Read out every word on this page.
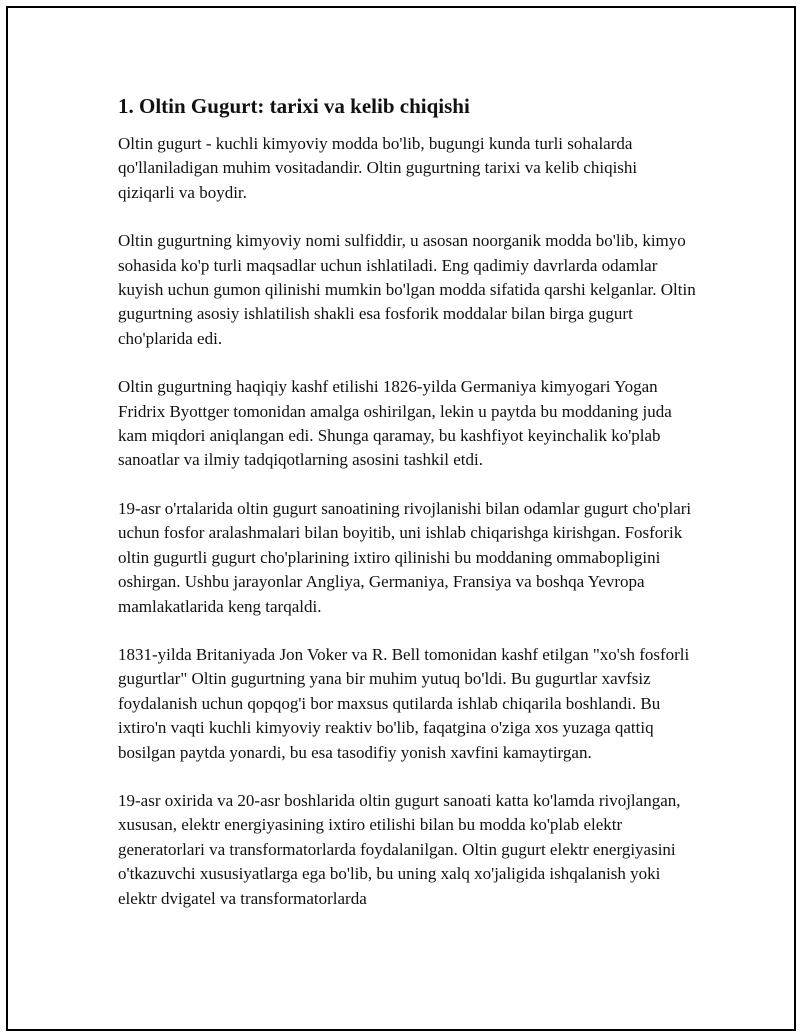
1. Oltin Gugurt: tarixi va kelib chiqishi

Oltin gugurt - kuchli kimyoviy modda bo'lib, bugungi kunda turli sohalarda qo'llaniladigan muhim vositadandir. Oltin gugurtning tarixi va kelib chiqishi qiziqarli va boydir.

Oltin gugurtning kimyoviy nomi sulfiddir, u asosan noorganik modda bo'lib, kimyo sohasida ko'p turli maqsadlar uchun ishlatiladi. Eng qadimiy davrlarda odamlar kuyish uchun gumon qilinishi mumkin bo'lgan modda sifatida qarshi kelganlar. Oltin gugurtning asosiy ishlatilish shakli esa fosforik moddalar bilan birga gugurt cho'plarida edi.

Oltin gugurtning haqiqiy kashf etilishi 1826-yilda Germaniya kimyogari Yogan Fridrix Byottger tomonidan amalga oshirilgan, lekin u paytda bu moddaning juda kam miqdori aniqlangan edi. Shunga qaramay, bu kashfiyot keyinchalik ko'plab sanoatlar va ilmiy tadqiqotlarning asosini tashkil etdi.

19-asr o'rtalarida oltin gugurt sanoatining rivojlanishi bilan odamlar gugurt cho'plari uchun fosfor aralashmalari bilan boyitib, uni ishlab chiqarishga kirishgan. Fosforik oltin gugurtli gugurt cho'plarining ixtiro qilinishi bu moddaning ommabopligini oshirgan. Ushbu jarayonlar Angliya, Germaniya, Fransiya va boshqa Yevropa mamlakatlarida keng tarqaldi.

1831-yilda Britaniyada Jon Voker va R. Bell tomonidan kashf etilgan "xo'sh fosforli gugurtlar" Oltin gugurtning yana bir muhim yutuq bo'ldi. Bu gugurtlar xavfsiz foydalanish uchun qopqog'i bor maxsus qutilarda ishlab chiqarila boshlandi. Bu ixtiro'n vaqti kuchli kimyoviy reaktiv bo'lib, faqatgina o'ziga xos yuzaga qattiq bosilgan paytda yonardi, bu esa tasodifiy yonish xavfini kamaytirgan.

19-asr oxirida va 20-asr boshlarida oltin gugurt sanoati katta ko'lamda rivojlangan, xususan, elektr energiyasining ixtiro etilishi bilan bu modda ko'plab elektr generatorlari va transformatorlarda foydalanilgan. Oltin gugurt elektr energiyasini o'tkazuvchi xususiyatlarga ega bo'lib, bu uning xalq xo'jaligida ishqalanish yoki elektr dvigatel va transformatorlarda
